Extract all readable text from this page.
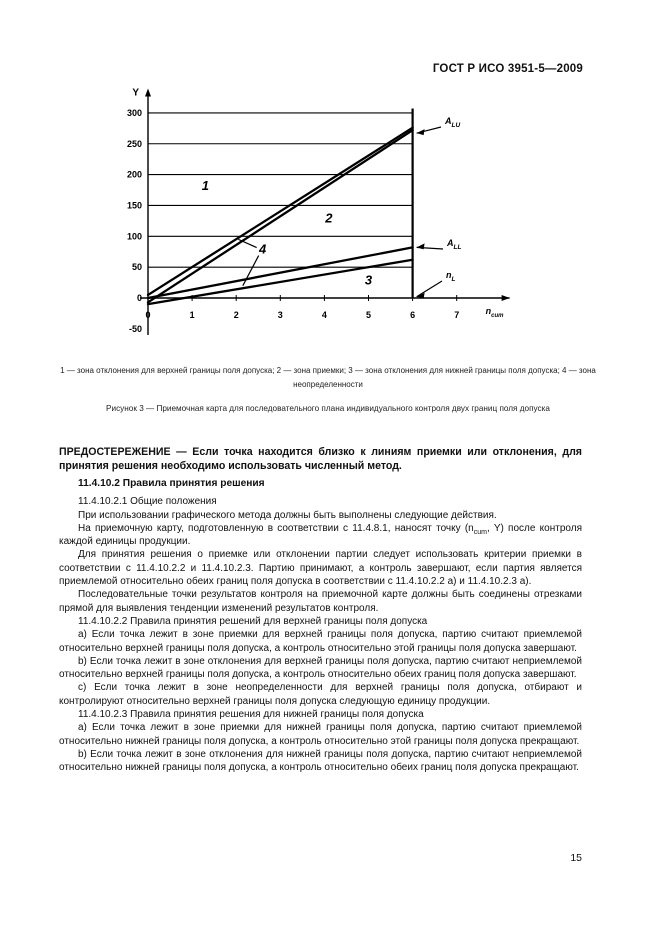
ГОСТ Р ИСО 3951-5—2009
300
250
200
150
100
50
0
-50
Y
0	1	2	3	4	5	6	7	$n_{cum}$
$A_{LU}$
$A_{LL}$
$n_L$
1
2
3
4
1 — зона отклонения для верхней границы поля допуска; 2 — зона приемки; 3 — зона отклонения для нижней границы поля допуска; 4 — зона неопределенности
Рисунок 3 — Приемочная карта для последовательного плана индивидуального контроля двух границ поля допуска
ПРЕДОСТЕРЕЖЕНИЕ — Если точка находится близко к линиям приемки или отклонения, для принятия решения необходимо использовать численный метод.

11.4.10.2 Правила принятия решения

11.4.10.2.1 Общие положения

При использовании графического метода должны быть выполнены следующие действия.

На приемочную карту, подготовленную в соответствии с 11.4.8.1, наносят точку ($n_{cum}$, Y) после контроля каждой единицы продукции.

Для принятия решения о приемке или отклонении партии следует использовать критерии приемки в соответствии с 11.4.10.2.2 и 11.4.10.2.3. Партию принимают, а контроль завершают, если партия является приемлемой относительно обеих границ поля допуска в соответствии с 11.4.10.2.2 а) и 11.4.10.2.3 а).

Последовательные точки результатов контроля на приемочной карте должны быть соединены отрезками прямой для выявления тенденции изменений результатов контроля.

11.4.10.2.2 Правила принятия решений для верхней границы поля допуска

а) Если точка лежит в зоне приемки для верхней границы поля допуска, партию считают приемлемой относительно верхней границы поля допуска, а контроль относительно этой границы поля допуска завершают.

b) Если точка лежит в зоне отклонения для верхней границы поля допуска, партию считают неприемлемой относительно верхней границы поля допуска, а контроль относительно обеих границ поля допуска завершают.

с) Если точка лежит в зоне неопределенности для верхней границы поля допуска, отбирают и контролируют относительно верхней границы поля допуска следующую единицу продукции.

11.4.10.2.3 Правила принятия решения для нижней границы поля допуска

а) Если точка лежит в зоне приемки для нижней границы поля допуска, партию считают приемлемой относительно нижней границы поля допуска, а контроль относительно этой границы поля допуска прекращают.

b) Если точка лежит в зоне отклонения для нижней границы поля допуска, партию считают неприемлемой относительно нижней границы поля допуска, а контроль относительно обеих границ поля допуска прекращают.

15
